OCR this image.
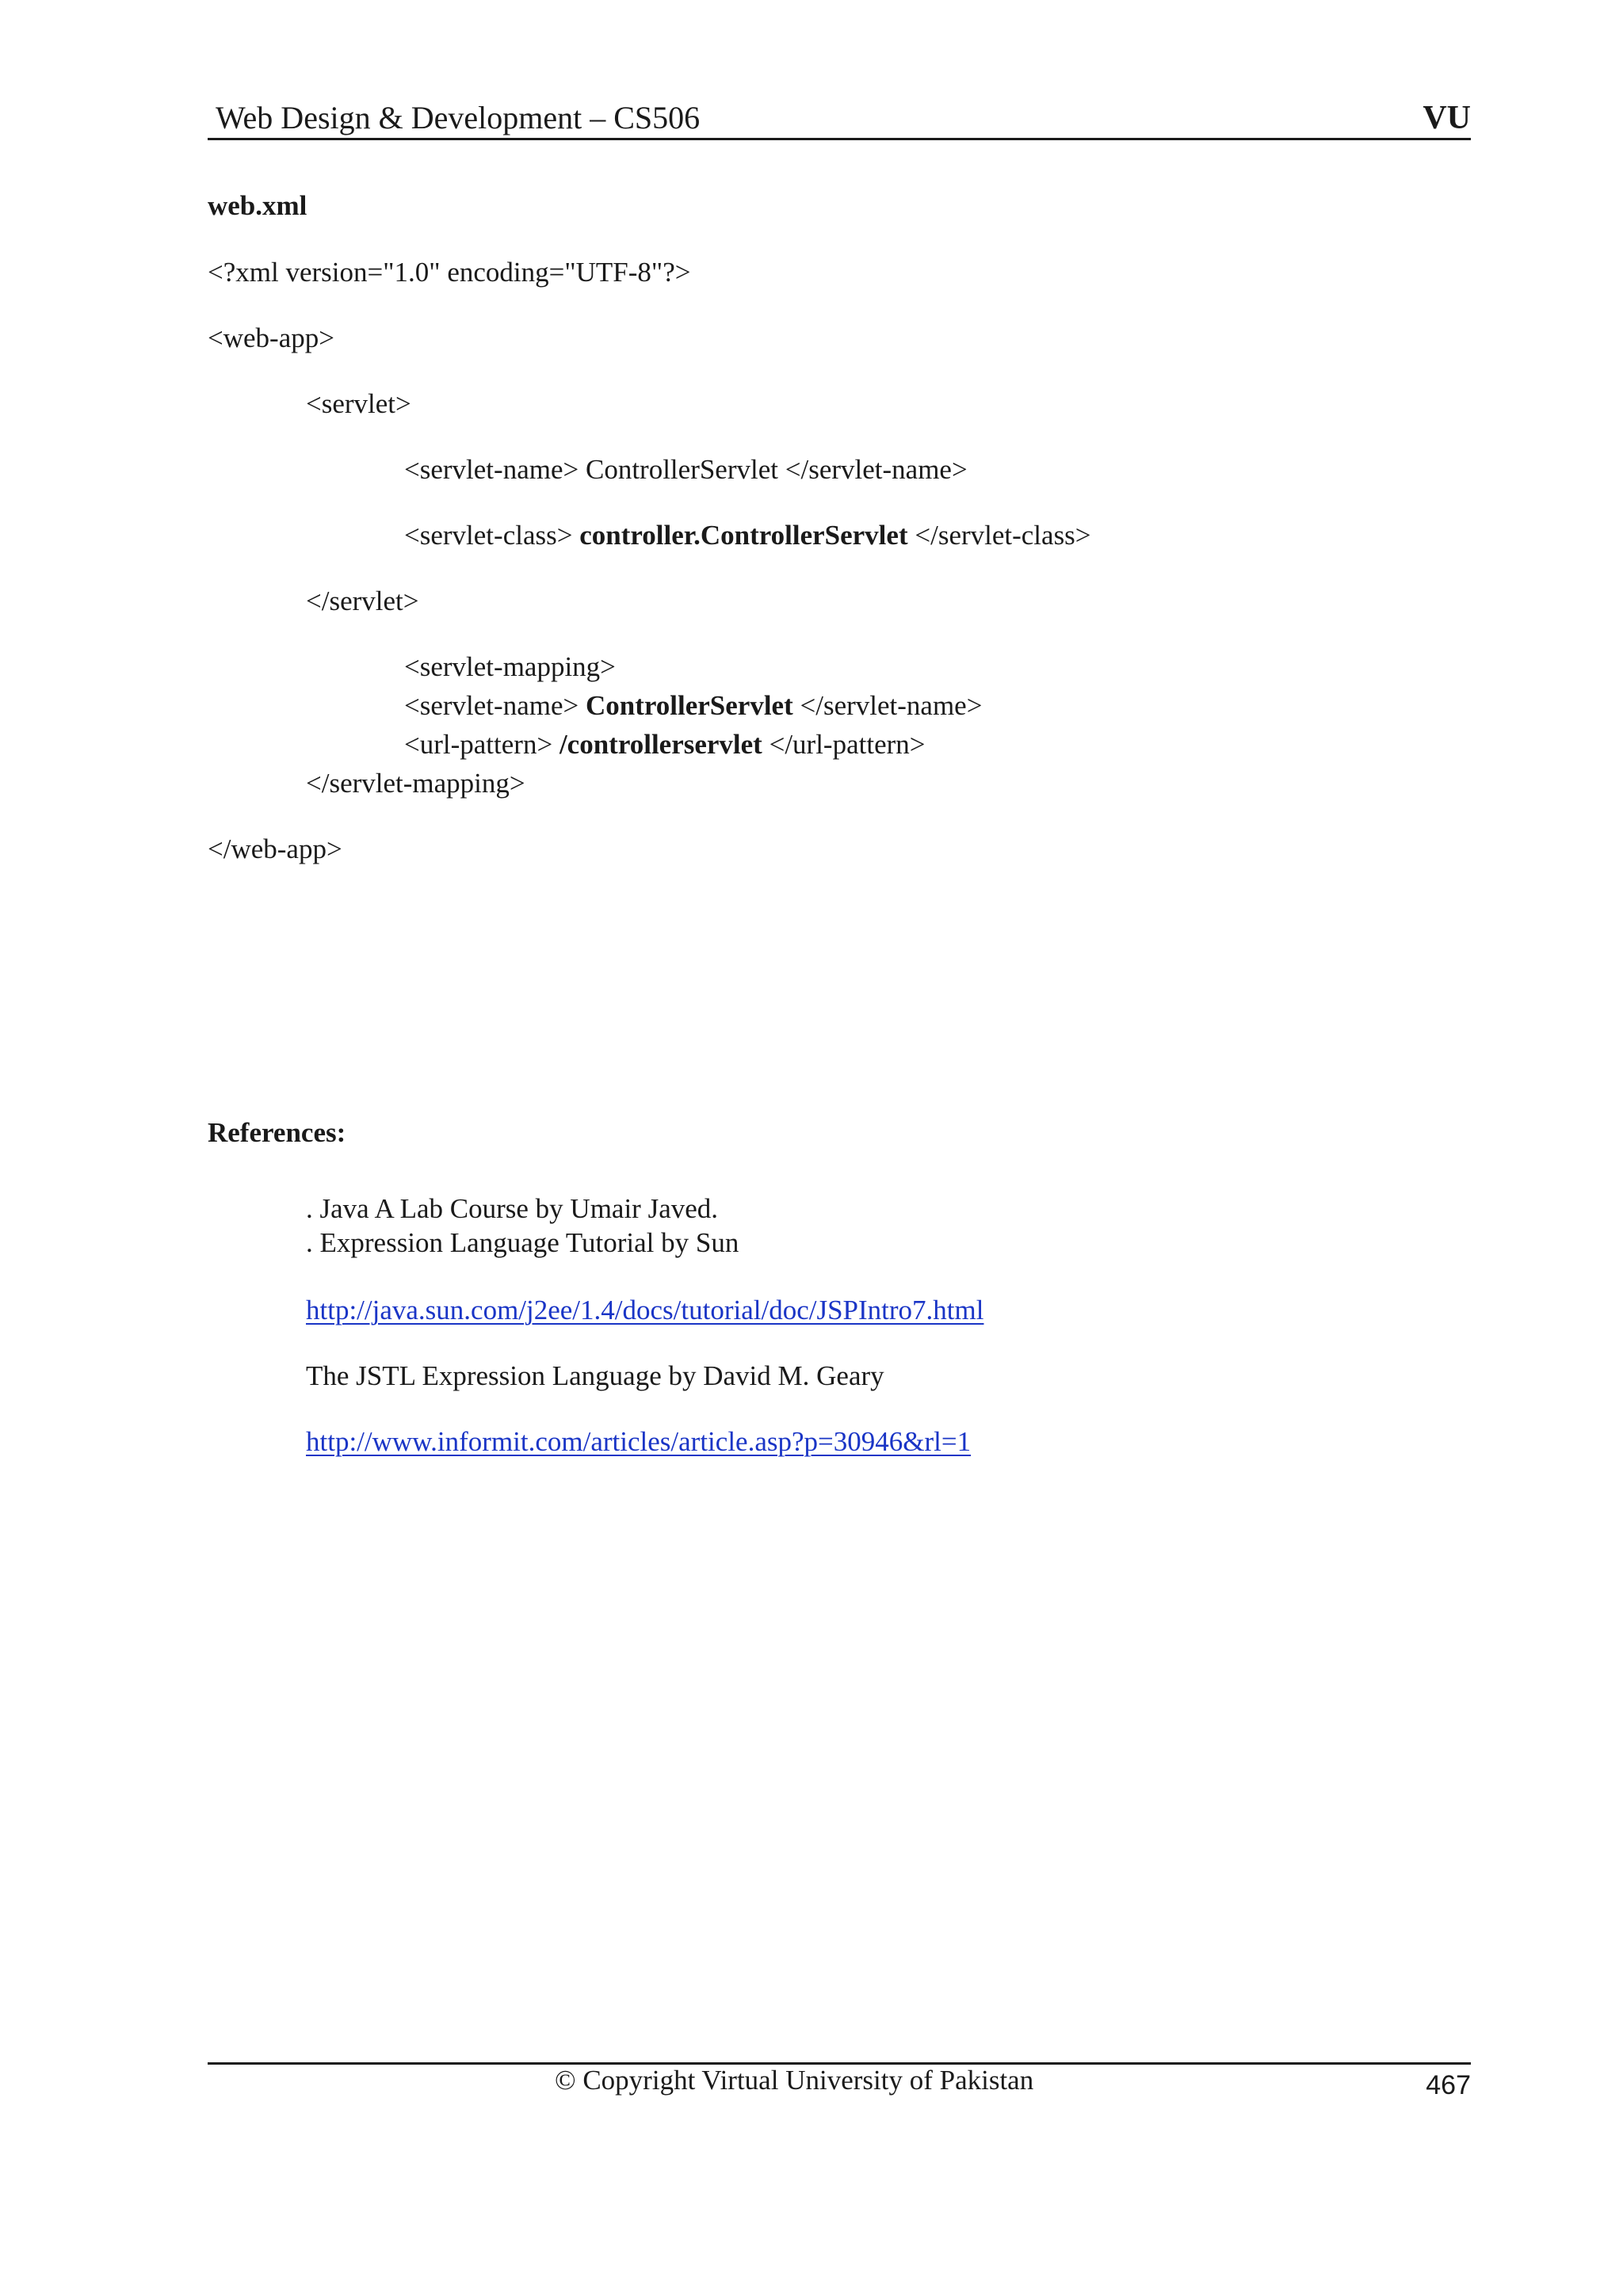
Web Design & Development – CS506	VU
web.xml
<?xml version="1.0" encoding="UTF-8"?>
<web-app>
<servlet>
<servlet-name> ControllerServlet </servlet-name>
<servlet-class> controller.ControllerServlet </servlet-class>
</servlet>
<servlet-mapping>
<servlet-name> ControllerServlet </servlet-name>
<url-pattern> /controllerservlet </url-pattern>
</servlet-mapping>
</web-app>
References:
. Java A Lab Course by Umair Javed.
. Expression Language Tutorial by Sun
http://java.sun.com/j2ee/1.4/docs/tutorial/doc/JSPIntro7.html
The JSTL Expression Language by David M. Geary
http://www.informit.com/articles/article.asp?p=30946&rl=1
© Copyright Virtual University of Pakistan	467
